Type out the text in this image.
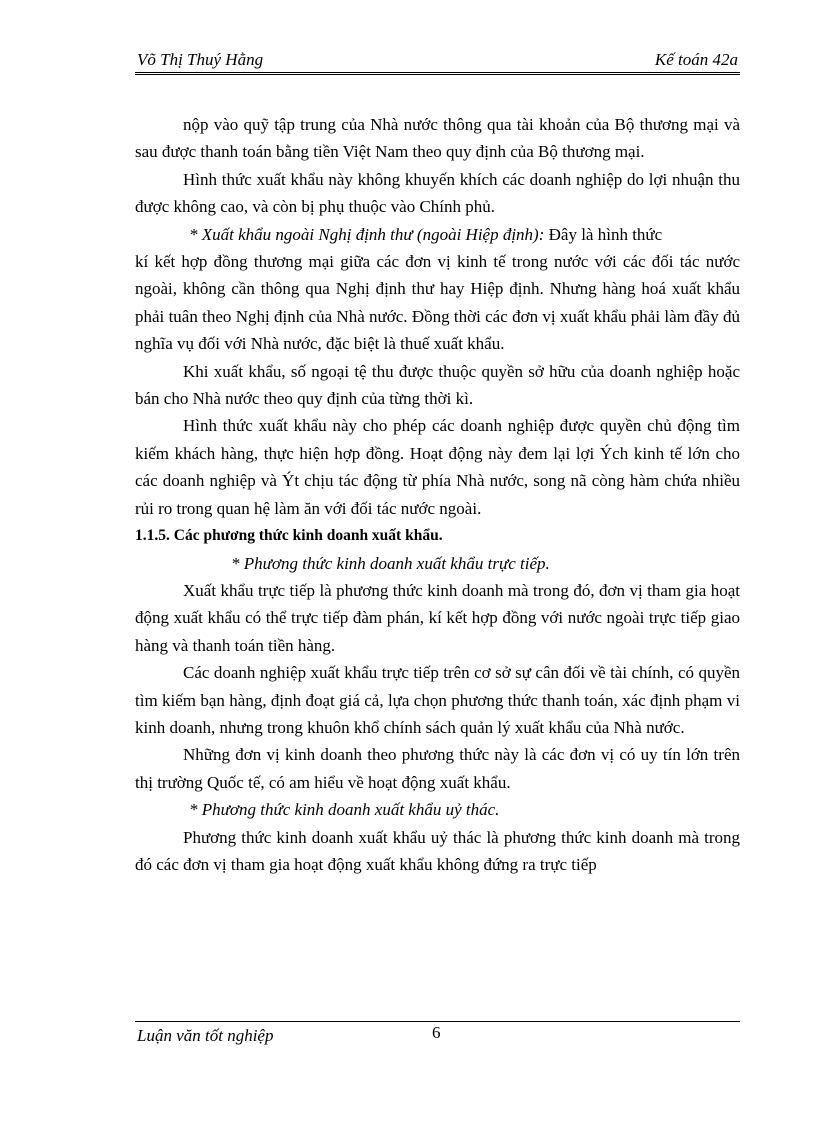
Võ Thị Thuý Hằng	Kế toán 42a

nộp vào quỹ tập trung của Nhà nước thông qua tài khoản của Bộ thương mại và sau được thanh toán bằng tiền Việt Nam theo quy định của Bộ thương mại.

Hình thức xuất khẩu này không khuyến khích các doanh nghiệp do lợi nhuận thu được không cao, và còn bị phụ thuộc vào Chính phủ.

* Xuất khẩu ngoài Nghị định thư (ngoài Hiệp định): Đây là hình thức

kí kết hợp đồng thương mại giữa các đơn vị kinh tế trong nước với các đối tác nước ngoài, không cần thông qua Nghị định thư hay Hiệp định. Nhưng hàng hoá xuất khẩu phải tuân theo Nghị định của Nhà nước. Đồng thời các đơn vị xuất khẩu phải làm đầy đủ nghĩa vụ đối với Nhà nước, đặc biệt là thuế xuất khẩu.

Khi xuất khẩu, số ngoại tệ thu được thuộc quyền sở hữu của doanh nghiệp hoặc bán cho Nhà nước theo quy định của từng thời kì.

Hình thức xuất khẩu này cho phép các doanh nghiệp được quyền chủ động tìm kiếm khách hàng, thực hiện hợp đồng. Hoạt động này đem lại lợi Ých kinh tế lớn cho các doanh nghiệp và Ýt chịu tác động từ phía Nhà nước, song nã còng hàm chứa nhiều rủi ro trong quan hệ làm ăn với đối tác nước ngoài.

1.1.5. Các phương thức kinh doanh xuất khẩu.

* Phương thức kinh doanh xuất khẩu trực tiếp.

Xuất khẩu trực tiếp là phương thức kinh doanh mà trong đó, đơn vị tham gia hoạt động xuất khẩu có thể trực tiếp đàm phán, kí kết hợp đồng với nước ngoài trực tiếp giao hàng và thanh toán tiền hàng.

Các doanh nghiệp xuất khẩu trực tiếp trên cơ sở sự cân đối về tài chính, có quyền tìm kiếm bạn hàng, định đoạt giá cả, lựa chọn phương thức thanh toán, xác định phạm vi kinh doanh, nhưng trong khuôn khổ chính sách quản lý xuất khẩu của Nhà nước.

Những đơn vị kinh doanh theo phương thức này là các đơn vị có uy tín lớn trên thị trường Quốc tế, có am hiểu về hoạt động xuất khẩu.

* Phương thức kinh doanh xuất khẩu uỷ thác.

Phương thức kinh doanh xuất khẩu uỷ thác là phương thức kinh doanh mà trong đó các đơn vị tham gia hoạt động xuất khẩu không đứng ra trực tiếp

Luận văn tốt nghiệp	6
